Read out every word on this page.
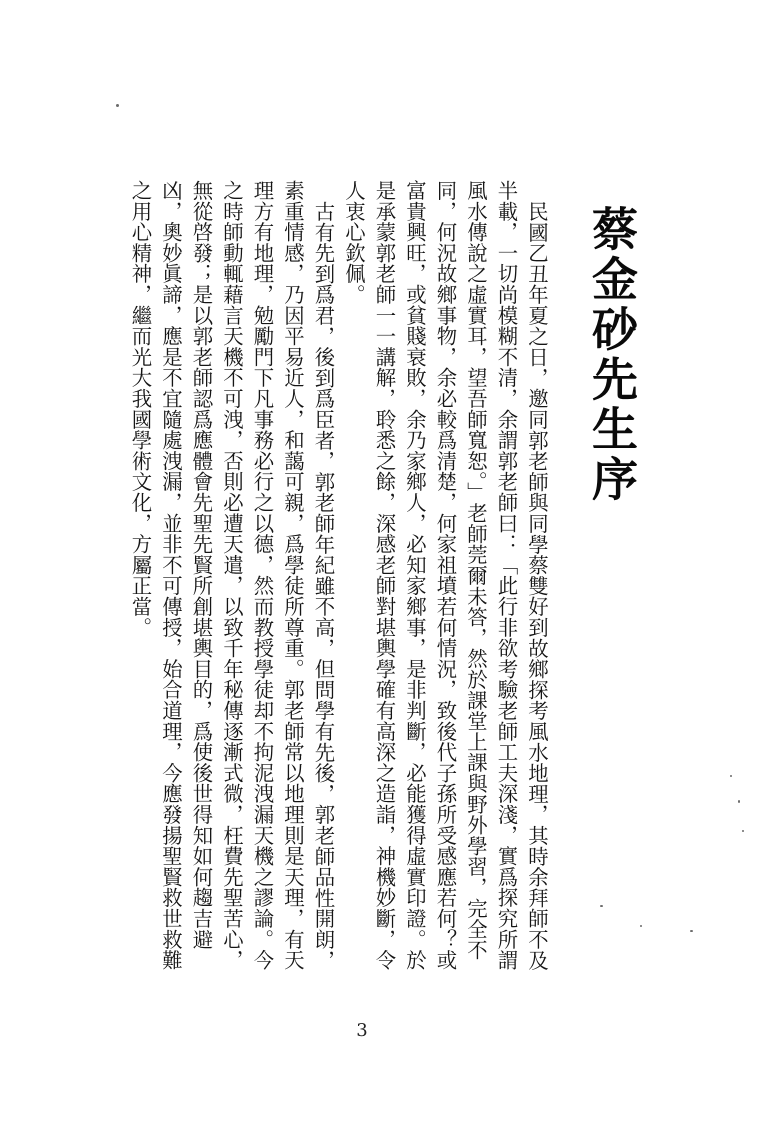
蔡金砂先生序

民國乙丑年夏之日，邀同郭老師與同學蔡雙好到故鄉探考風水地理，其時余拜師不及半載，一切尚模糊不清，余謂郭老師曰：「此行非欲考驗老師工夫深淺，實爲探究所謂風水傳說之虛實耳，望吾師寬恕。」老師莞爾未答，然於課堂上課與野外學習，完全不同，何況故鄉事物，余必較爲清楚，何家祖墳若何情況，致後代子孫所受感應若何？或富貴興旺，或貧賤衰敗，余乃家鄉人，必知家鄉事，是非判斷，必能獲得虛實印證。於是承蒙郭老師一一講解，聆悉之餘，深感老師對堪輿學確有高深之造詣，神機妙斷，令人衷心欽佩。

古有先到爲君，後到爲臣者，郭老師年紀雖不高，但問學有先後，郭老師品性開朗，素重情感，乃因平易近人，和藹可親，爲學徒所尊重。郭老師常以地理則是天理，有天理方有地理，勉勵門下凡事務必行之以德，然而教授學徒却不拘泥洩漏天機之謬論。今之時師動輒藉言天機不可洩，否則必遭天遣，以致千年秘傳逐漸式微，枉費先聖苦心，無從啓發；是以郭老師認爲應體會先聖先賢所創堪輿目的，爲使後世得知如何趨吉避凶，奧妙眞諦，應是不宜隨處洩漏，並非不可傳授，始合道理，今應發揚聖賢救世救難之用心精神，繼而光大我國學術文化，方屬正當。

3
